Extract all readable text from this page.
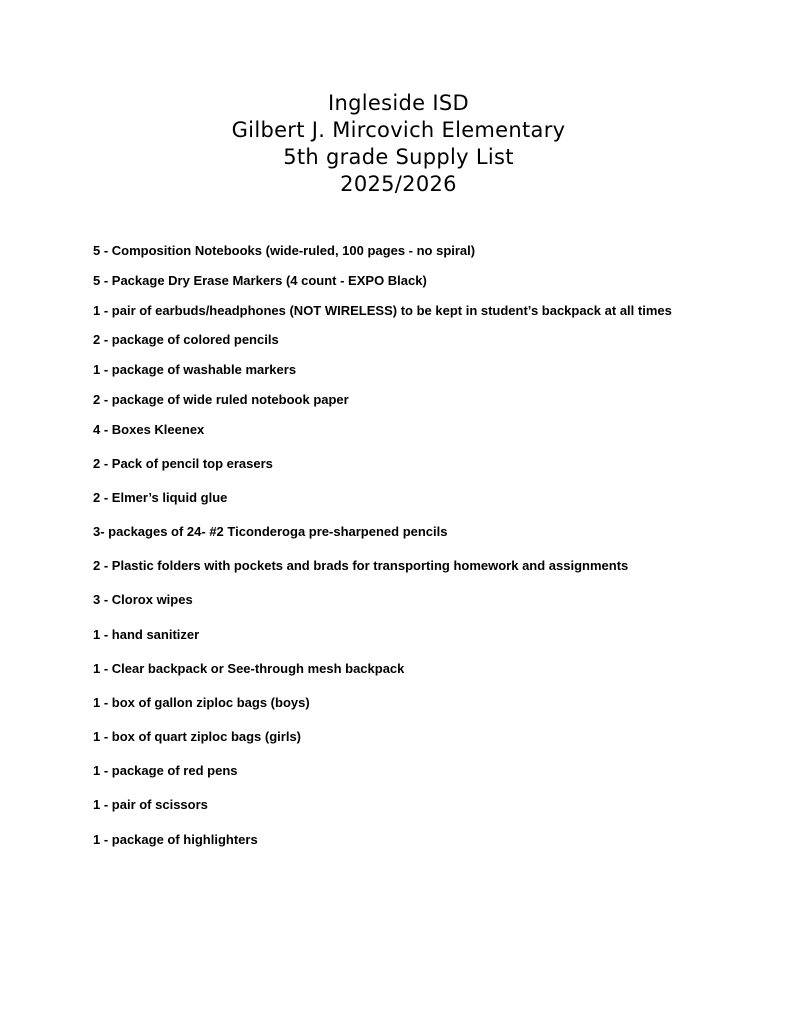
Ingleside ISD
Gilbert J. Mircovich Elementary
5th grade Supply List
2025/2026
5 - Composition Notebooks (wide-ruled, 100 pages - no spiral)
5 - Package Dry Erase Markers (4 count - EXPO Black)
1 - pair of earbuds/headphones (NOT WIRELESS) to be kept in student’s backpack at all times
2 - package of colored pencils
1 - package of washable markers
2 - package of wide ruled notebook paper
4 - Boxes Kleenex
2 - Pack of pencil top erasers
2 - Elmer’s liquid glue
3- packages of 24- #2 Ticonderoga pre-sharpened pencils
2 - Plastic folders with pockets and brads for transporting homework and assignments
3 - Clorox wipes
1 - hand sanitizer
1 - Clear backpack or See-through mesh backpack
1 - box of gallon ziploc bags (boys)
1 - box of quart ziploc bags (girls)
1 - package of red pens
1 - pair of scissors
1 - package of highlighters
